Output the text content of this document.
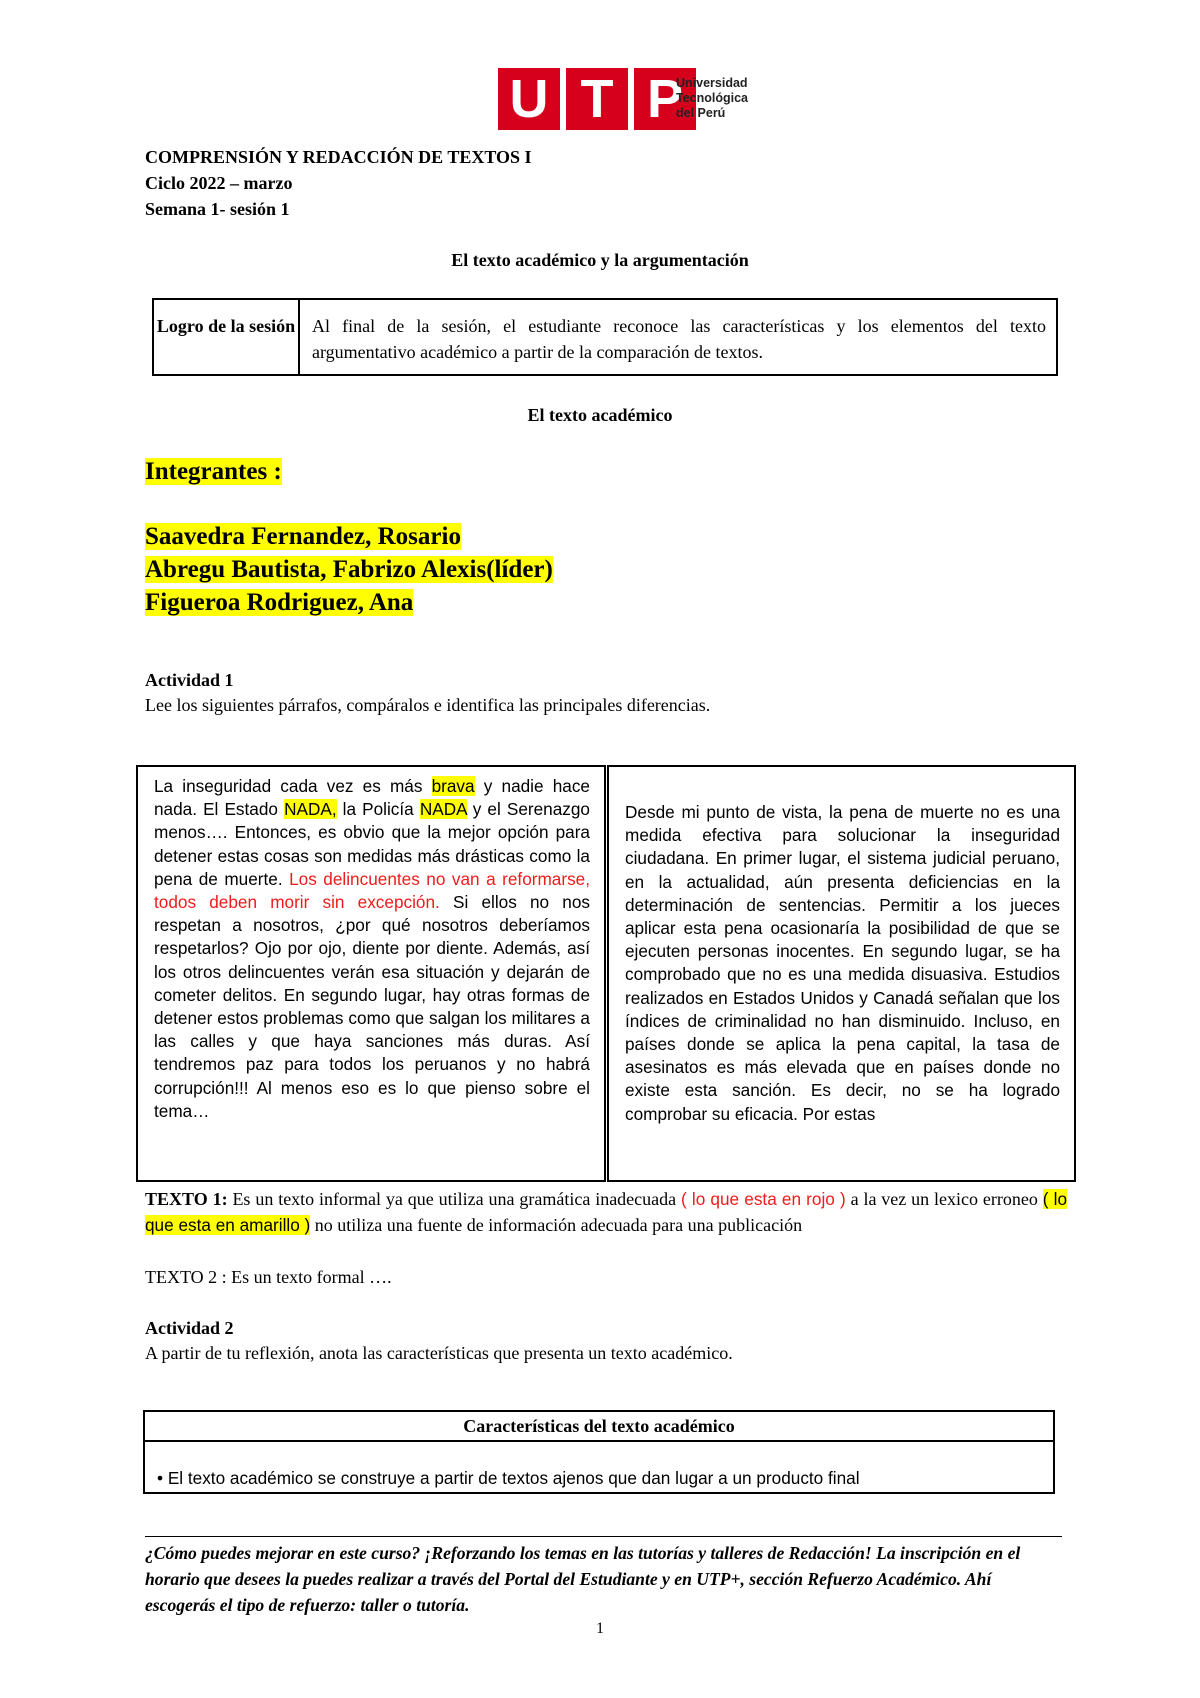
U T P
Universidad
Tecnológica
del Perú
COMPRENSIÓN Y REDACCIÓN DE TEXTOS I
Ciclo 2022 – marzo
Semana 1- sesión 1
El texto académico y la argumentación
Logro de la sesión Al final de la sesión, el estudiante reconoce las características y los elementos del texto argumentativo académico a partir de la comparación de textos.
El texto académico
Integrantes :
Saavedra Fernandez, Rosario
Abregu Bautista, Fabrizo Alexis(líder)
Figueroa Rodriguez, Ana
Actividad 1
Lee los siguientes párrafos, compáralos e identifica las principales diferencias.
La inseguridad cada vez es más brava y nadie hace nada. El Estado NADA, la Policía NADA y el Serenazgo menos…. Entonces, es obvio que la mejor opción para detener estas cosas son medidas más drásticas como la pena de muerte. Los delincuentes no van a reformarse, todos deben morir sin excepción. Si ellos no nos respetan a nosotros, ¿por qué nosotros deberíamos respetarlos? Ojo por ojo, diente por diente. Además, así los otros delincuentes verán esa situación y dejarán de cometer delitos. En segundo lugar, hay otras formas de detener estos problemas como que salgan los militares a las calles y que haya sanciones más duras. Así tendremos paz para todos los peruanos y no habrá corrupción!!! Al menos eso es lo que pienso sobre el tema…
Desde mi punto de vista, la pena de muerte no es una medida efectiva para solucionar la inseguridad ciudadana. En primer lugar, el sistema judicial peruano, en la actualidad, aún presenta deficiencias en la determinación de sentencias. Permitir a los jueces aplicar esta pena ocasionaría la posibilidad de que se ejecuten personas inocentes. En segundo lugar, se ha comprobado que no es una medida disuasiva. Estudios realizados en Estados Unidos y Canadá señalan que los índices de criminalidad no han disminuido. Incluso, en países donde se aplica la pena capital, la tasa de asesinatos es más elevada que en países donde no existe esta sanción. Es decir, no se ha logrado comprobar su eficacia. Por estas
TEXTO 1: Es un texto informal ya que utiliza una gramática inadecuada ( lo que esta en rojo ) a la vez un lexico erroneo ( lo que esta en amarillo ) no utiliza una fuente de información adecuada para una publicación
TEXTO 2 : Es un texto formal ….
Actividad 2
A partir de tu reflexión, anota las características que presenta un texto académico.
Características del texto académico
• El texto académico se construye a partir de textos ajenos que dan lugar a un producto final
¿Cómo puedes mejorar en este curso? ¡Reforzando los temas en las tutorías y talleres de Redacción! La inscripción en el horario que desees la puedes realizar a través del Portal del Estudiante y en UTP+, sección Refuerzo Académico. Ahí escogerás el tipo de refuerzo: taller o tutoría.
1
